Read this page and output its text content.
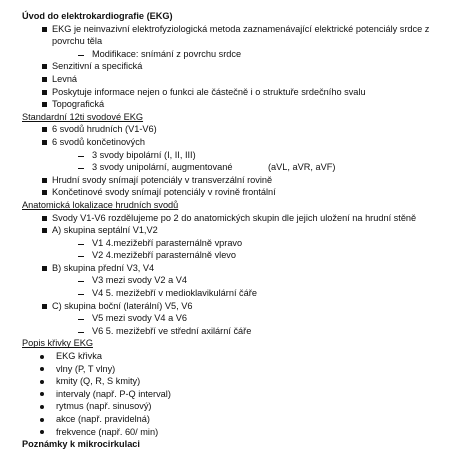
Úvod do elektrokardiografie (EKG)
EKG je neinvazivní elektrofyziologická metoda zaznamenávající elektrické potenciály srdce z povrchu těla
Modifikace: snímání z povrchu srdce
Senzitivní a specifická
Levná
Poskytuje informace nejen o funkci ale částečně i o struktuře srdečního svalu
Topografická
Standardní 12ti svodové EKG
6 svodů hrudních (V1-V6)
6 svodů končetinových
3 svody bipolární (I, II, III)
3 svody unipolární, augmentované	(aVL, aVR, aVF)
Hrudní svody snímají potenciály v transverzální rovině
Končetinové svody snímají potenciály v rovině frontální
Anatomická lokalizace hrudních svodů
Svody V1-V6 rozdělujeme po 2 do anatomických skupin dle jejich uložení na hrudní stěně
A) skupina septální V1,V2
V1 4.mezižebří parasternálně vpravo
V2 4.mezižebří parasternálně vlevo
B) skupina přední V3, V4
V3 mezi svody V2 a V4
V4 5. mezižebří v medioklavikulární čáře
C) skupina boční (laterální) V5, V6
V5 mezi svody V4 a V6
V6 5. mezižebří ve střední axilární čáře
Popis křivky EKG
EKG křivka
vlny (P, T vlny)
kmity (Q, R, S kmity)
intervaly (např. P-Q interval)
rytmus (např. sinusový)
akce (např. pravidelná)
frekvence (např. 60/ min)
Poznámky k mikrocirkulaci
